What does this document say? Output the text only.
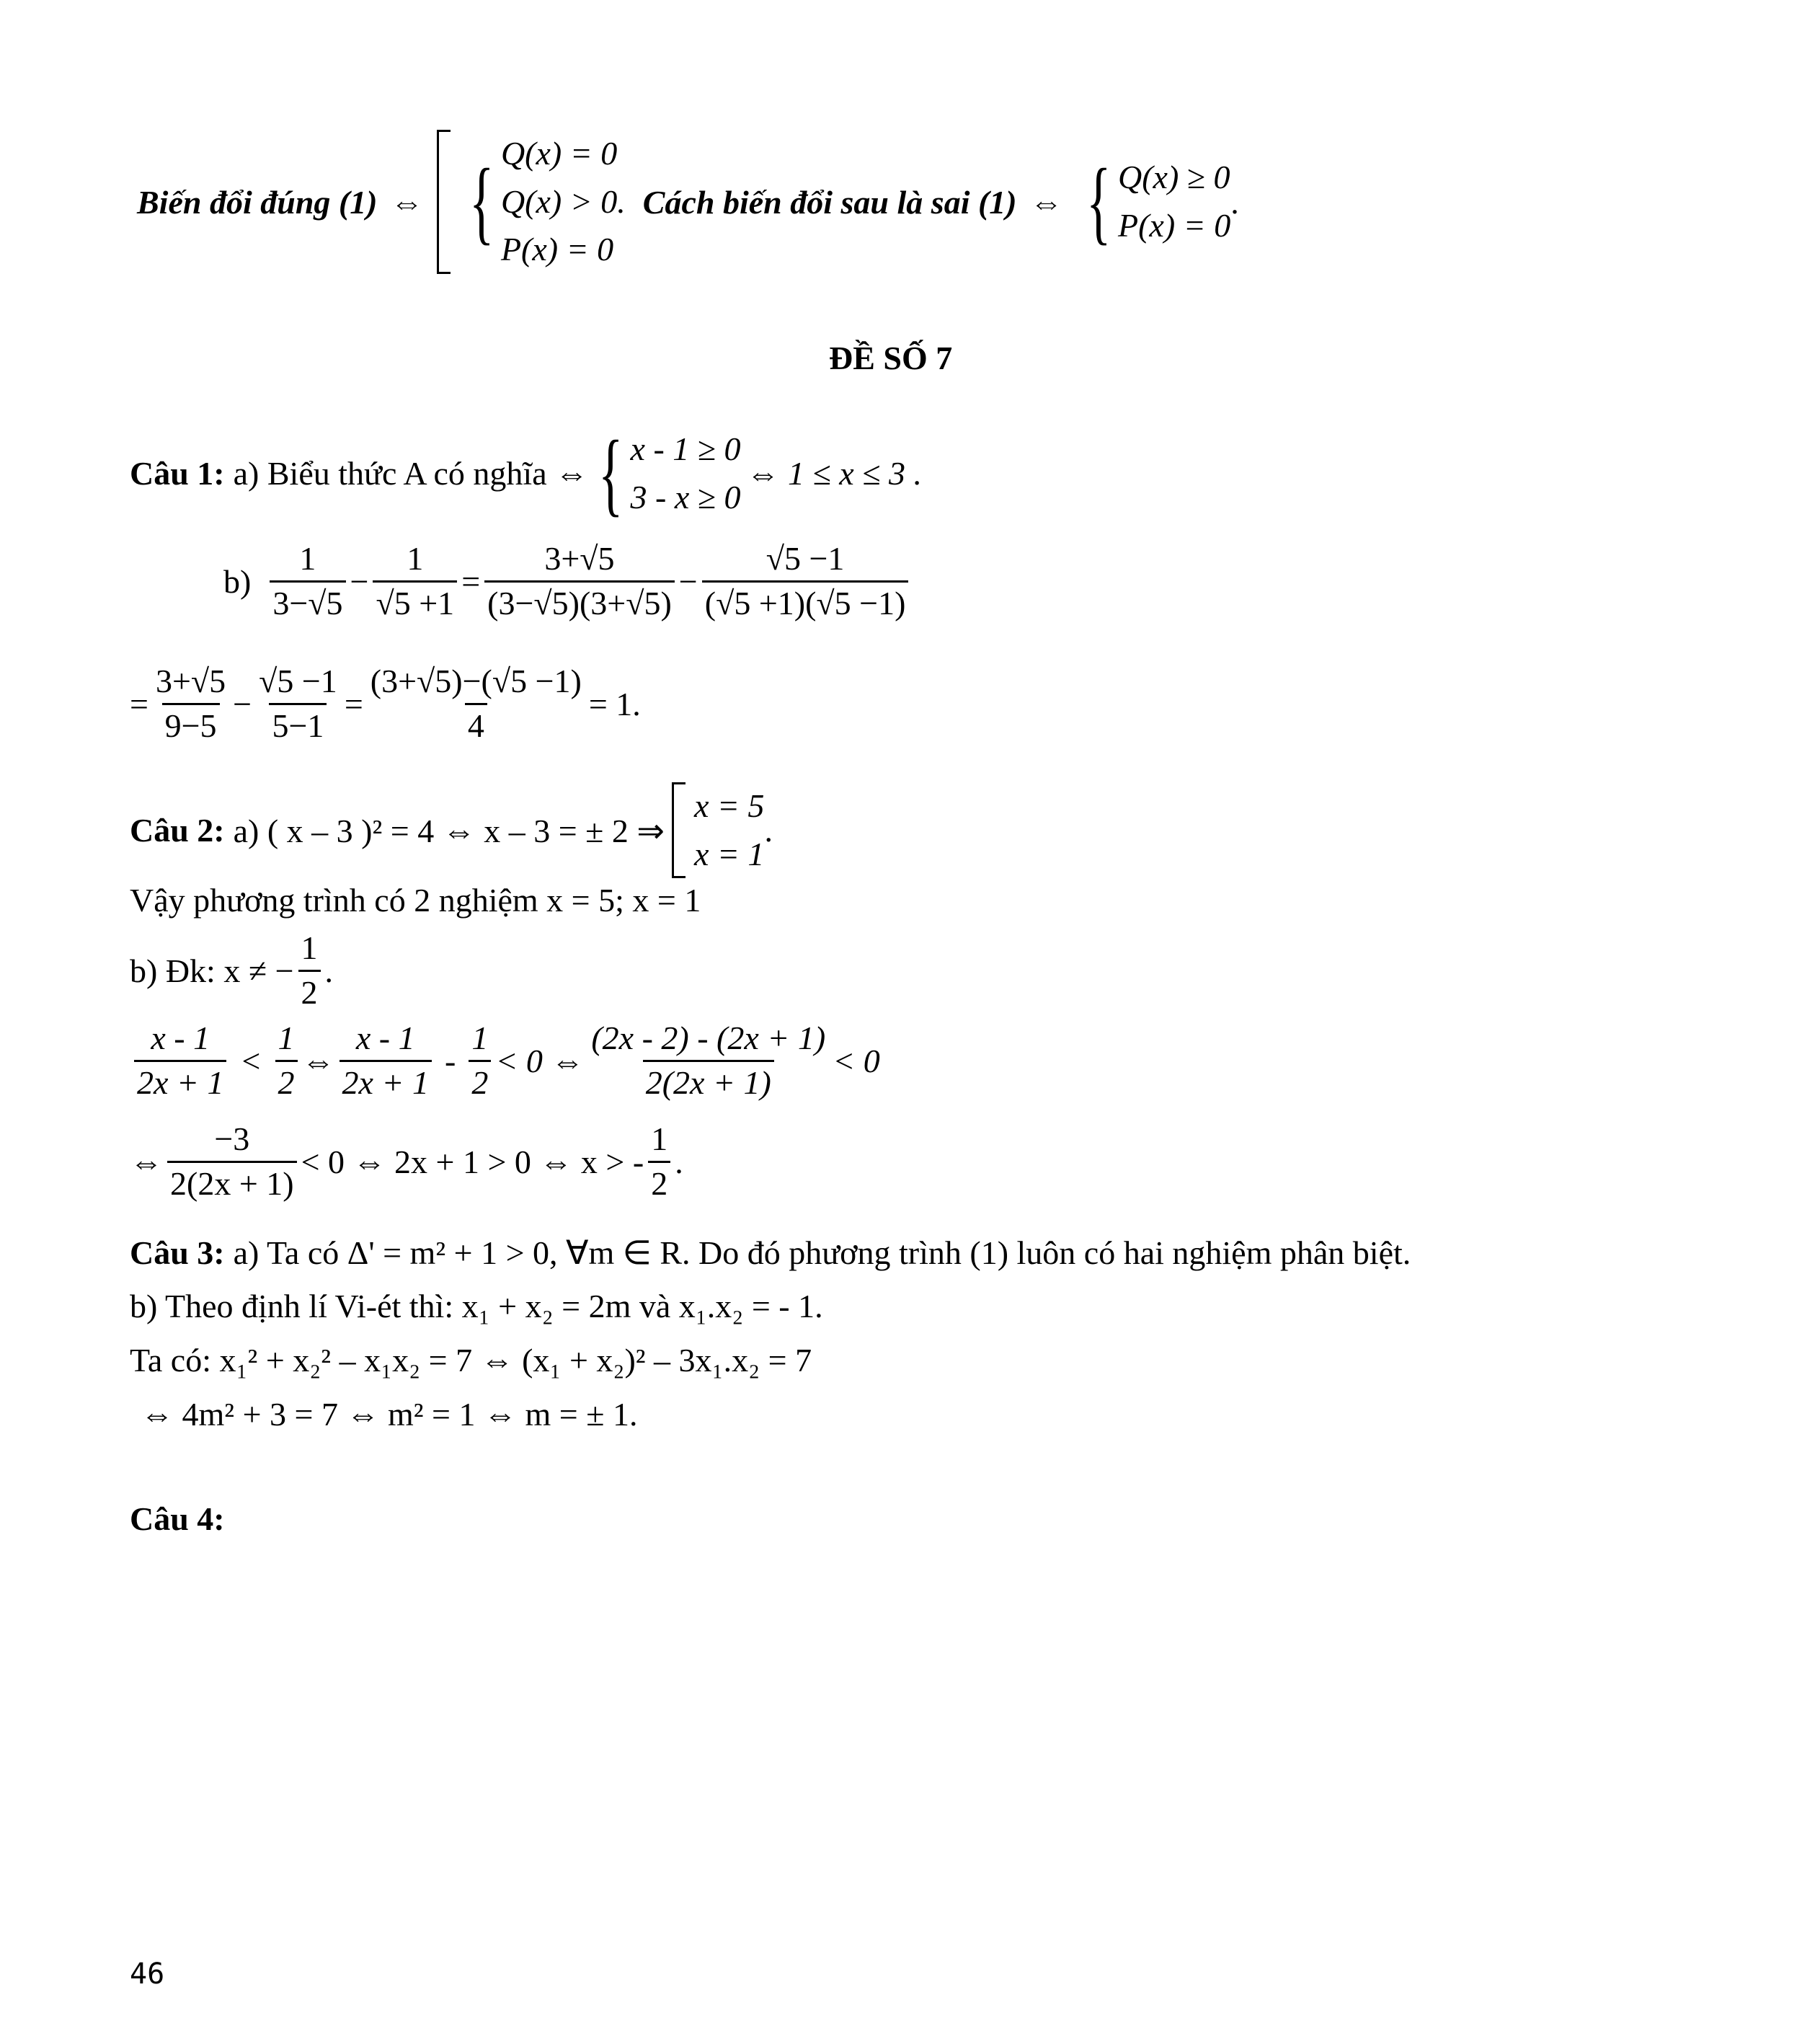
Biến đổi đúng (1) ⇔ { Q(x) = 0
Q(x) > 0.
P(x) = 0
Cách biến đổi sau là sai (1) ⇔ { Q(x) ≥ 0
P(x) = 0
.
ĐỀ SỐ 7
Câu 1: a) Biểu thức A có nghĩa ⇔ { x - 1 ≥ 0
3 - x ≥ 0
⇔ 1 ≤ x ≤ 3 .
$b) \frac{1}{3-√5} - \frac{1}{√5 +1} = \frac{3+√5}{(3-√5)(3+√5)} - \frac{√5 -1}{(√5 +1)(√5 -1)}$
= $\frac{3+√5}{9-5} - \frac{√5 -1}{5-1} = \frac{(3+√5)-(√5 -1)}{4} = 1$.
Câu 2: a) ( x – 3 )² = 4 ⇔ x – 3 = ± 2 ⇒
x = 5
x = 1
.
Vậy phương trình có 2 nghiệm x = 5; x = 1
b) Đk: x ≠ − $\frac{1}{2}$ .
$\frac{x - 1}{2x + 1} < \frac{1}{2}$ ⇔ $\frac{x - 1}{2x + 1} - \frac{1}{2} < 0$ ⇔ $\frac{(2x - 2) - (2x + 1)}{2(2x + 1)} < 0$
⇔ $\frac{-3}{2(2x + 1)} < 0$ ⇔ 2x + 1 > 0 ⇔ x > - $\frac{1}{2}$ .
Câu 3: a) Ta có Δ' = m² + 1 > 0, ∀m ∈ R. Do đó phương trình (1) luôn có hai nghiệm phân biệt.
b) Theo định lí Vi-ét thì: x₁ + x₂ = 2m và x₁.x₂ = - 1.
Ta có: x₁² + x₂² – x₁x₂ = 7 ⇔ (x₁ + x₂)² – 3x₁.x₂ = 7
⇔ 4m² + 3 = 7 ⇔ m² = 1 ⇔ m = ± 1.
Câu 4:
46
